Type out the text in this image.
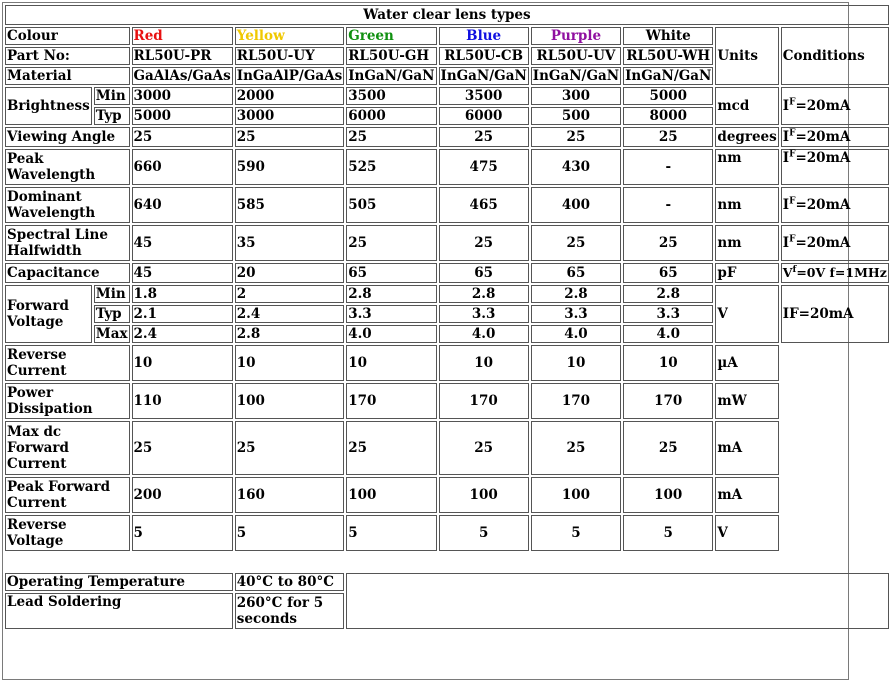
Water clear lens types									
Colour		Red	Yellow	Green	Blue	Purple	White	Units	Conditions
Part No:		RL50U-PR	RL50U-UY	RL50U-GH	RL50U-CB	RL50U-UV	RL50U-WH		
Material		GaAlAs/GaAs	InGaAlP/GaAs	InGaN/GaN	InGaN/GaN	InGaN/GaN	InGaN/GaN		
Brightness	Min	3000	2000	3500	3500	300	5000	mcd	$I^F=20mA$
	Typ	5000	3000	6000	6000	500	8000		
Viewing Angle		25	25	25	25	25	25	degrees	$I^F=20mA$
Peak Wavelength		660	590	525	475	430	-	nm	$I^F=20mA$
Dominant Wavelength		640	585	505	465	400	-	nm	$I^F=20mA$
Spectral Line Halfwidth		45	35	25	25	25	25	nm	$I^F=20mA$
Capacitance		45	20	65	65	65	65	pF	$V^f=0V$ f=1MHz
Forward Voltage	Min	1.8	2	2.8	2.8	2.8	2.8	V	IF=20mA
	Typ	2.1	2.4	3.3	3.3	3.3	3.3		
	Max	2.4	2.8	4.0	4.0	4.0	4.0		
Reverse Current		10	10	10	10	10	10	µA	
Power Dissipation		110	100	170	170	170	170	mW	
Max dc Forward Current		25	25	25	25	25	25	mA	
Peak Forward Current		200	160	100	100	100	100	mA	
Reverse Voltage		5	5	5	5	5	5	V	

Operating Temperature			40°C to 80°C						
Lead Soldering			260°C for 5 seconds						
